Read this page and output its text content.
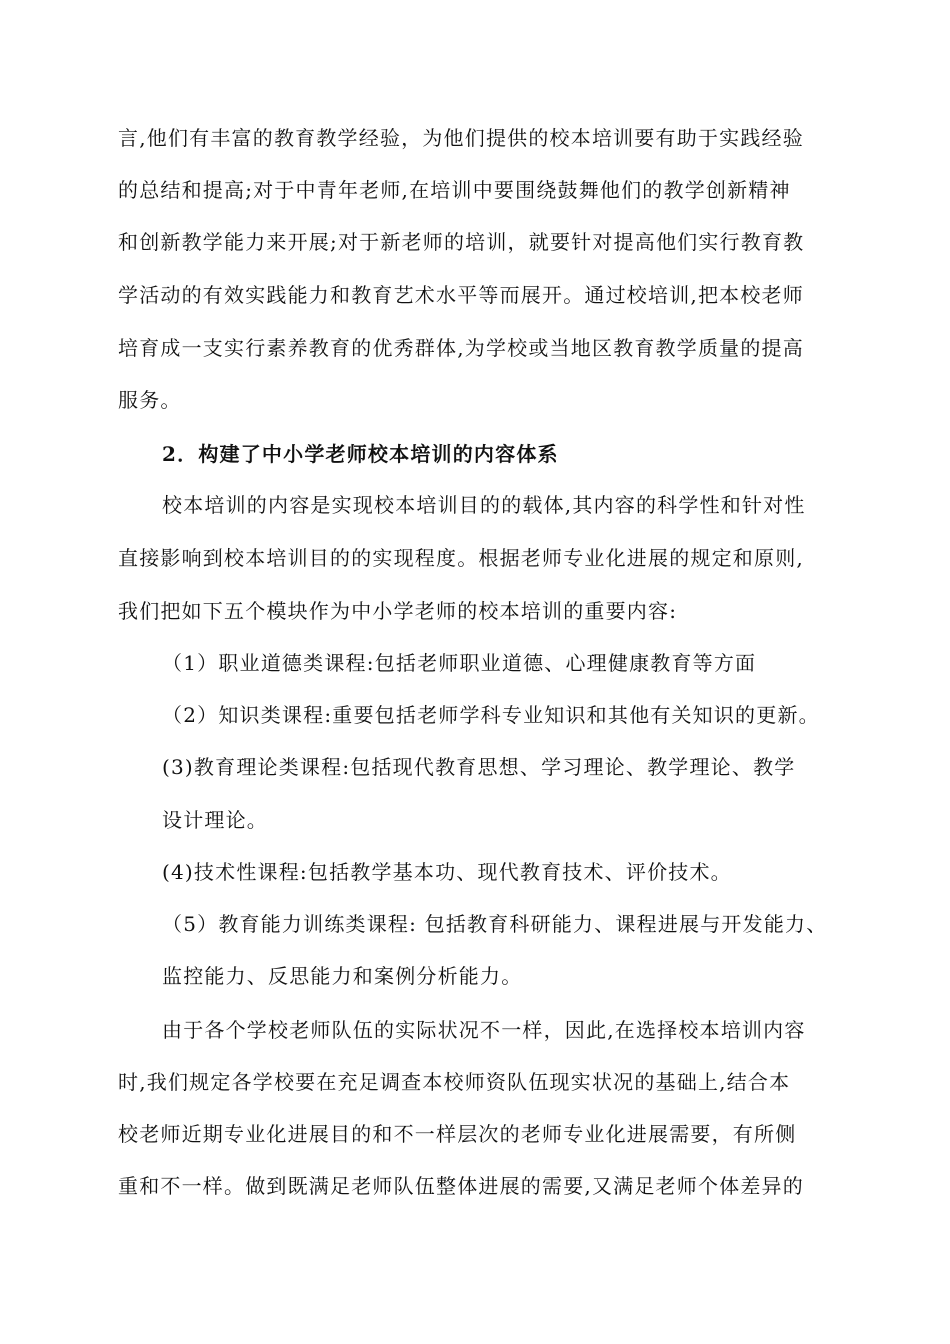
言,他们有丰富的教育教学经验，为他们提供的校本培训要有助于实践经验
的总结和提高;对于中青年老师,在培训中要围绕鼓舞他们的教学创新精神
和创新教学能力来开展;对于新老师的培训，就要针对提高他们实行教育教
学活动的有效实践能力和教育艺术水平等而展开。通过校培训,把本校老师
培育成一支实行素养教育的优秀群体,为学校或当地区教育教学质量的提高
服务。
2．构建了中小学老师校本培训的内容体系
校本培训的内容是实现校本培训目的的载体,其内容的科学性和针对性
直接影响到校本培训目的的实现程度。根据老师专业化进展的规定和原则,
我们把如下五个模块作为中小学老师的校本培训的重要内容:
（1）职业道德类课程:包括老师职业道德、心理健康教育等方面
（2）知识类课程:重要包括老师学科专业知识和其他有关知识的更新。
(3)教育理论类课程:包括现代教育思想、学习理论、教学理论、教学
设计理论。
(4)技术性课程:包括教学基本功、现代教育技术、评价技术。
（5）教育能力训练类课程: 包括教育科研能力、课程进展与开发能力、
监控能力、反思能力和案例分析能力。
由于各个学校老师队伍的实际状况不一样，因此,在选择校本培训内容
时,我们规定各学校要在充足调查本校师资队伍现实状况的基础上,结合本
校老师近期专业化进展目的和不一样层次的老师专业化进展需要，有所侧
重和不一样。做到既满足老师队伍整体进展的需要,又满足老师个体差异的
